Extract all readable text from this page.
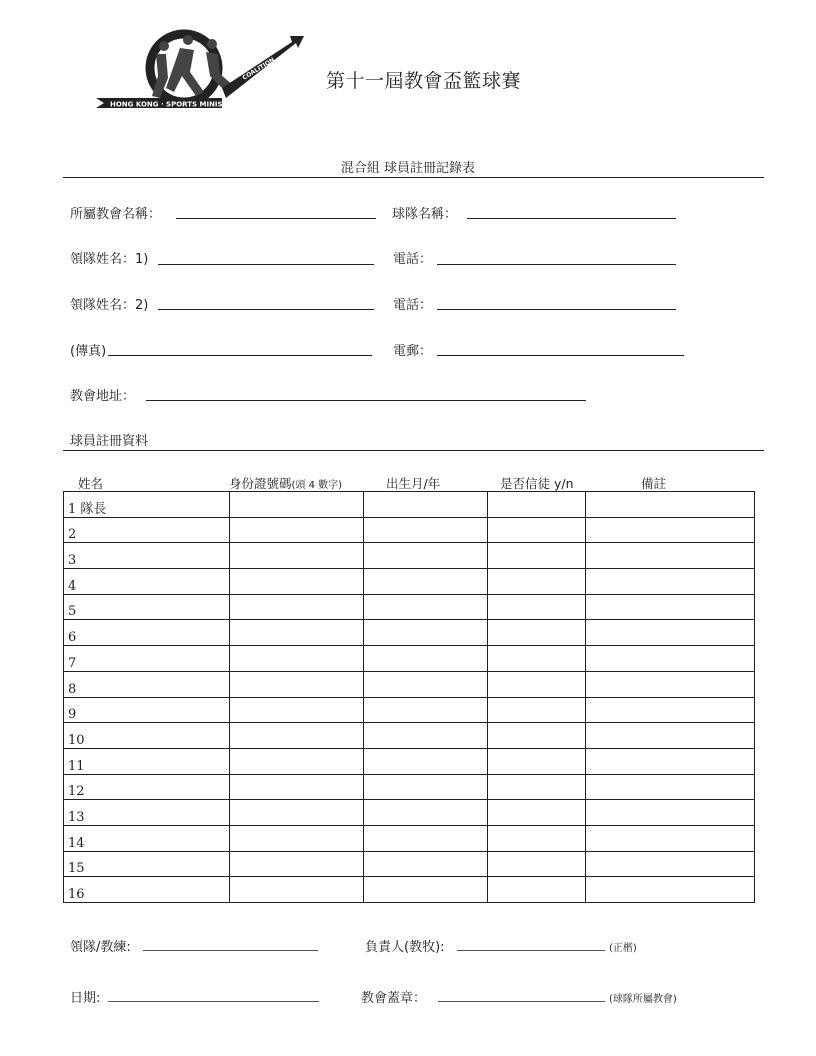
HONG KONG · SPORTS MINISTRY
COALITION	第十一屆教會盃籃球賽
混合組 球員註冊記錄表
所屬教會名稱：	球隊名稱：
領隊姓名：1)	電話：
領隊姓名：2)	電話：
(傳真)	電郵：
教會地址：
球員註冊資料
姓名	身份證號碼(頭 4 數字)	出生月/年	是否信徒 y/n	備註
1 隊長				
2				
3				
4				
5				
6				
7				
8				
9				
10				
11				
12				
13				
14				
15				
16				
領隊/教練:	負責人(教牧):	(正楷)
日期:	教會蓋章：	(球隊所屬教會)
